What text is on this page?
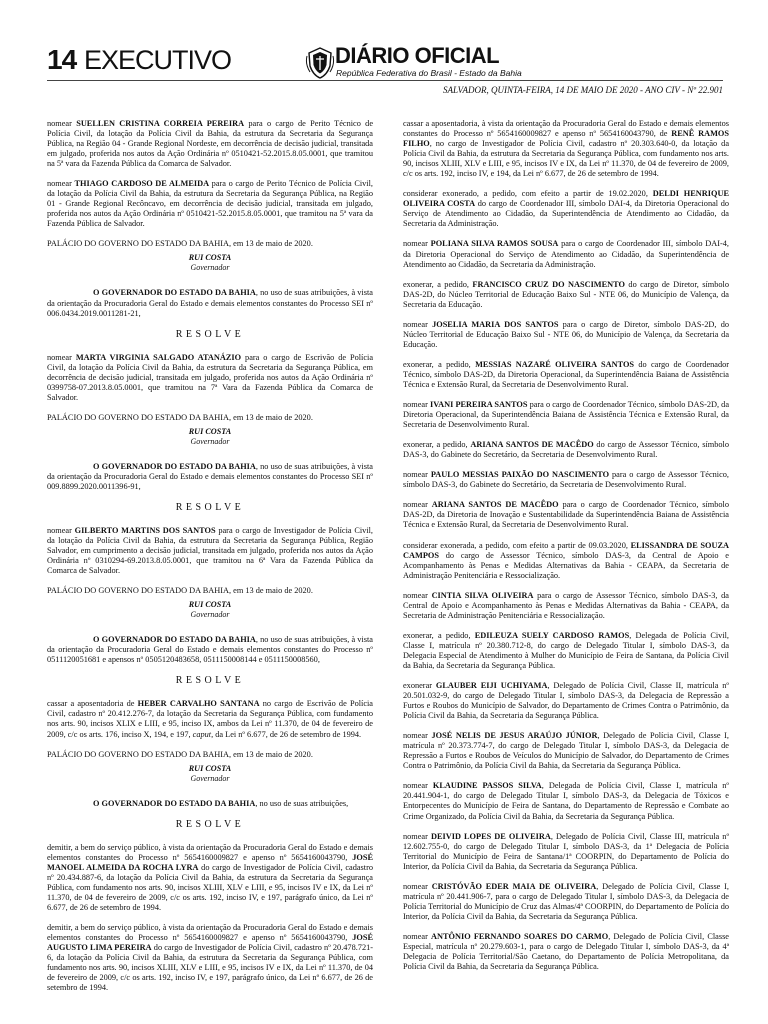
14 EXECUTIVO	DIÁRIO OFICIAL
República Federativa do Brasil - Estado da Bahia
SALVADOR, QUINTA-FEIRA, 14 DE MAIO DE 2020 - ANO CIV - Nº 22.901
nomear SUELLEN CRISTINA CORREIA PEREIRA para o cargo de Perito Técnico de Polícia Civil, da lotação da Polícia Civil da Bahia, da estrutura da Secretaria da Segurança Pública, na Região 04 - Grande Regional Nordeste, em decorrência de decisão judicial, transitada em julgado, proferida nos autos da Ação Ordinária nº 0510421-52.2015.8.05.0001, que tramitou na 5ª vara da Fazenda Pública da Comarca de Salvador.
nomear THIAGO CARDOSO DE ALMEIDA para o cargo de Perito Técnico de Polícia Civil, da lotação da Polícia Civil da Bahia, da estrutura da Secretaria da Segurança Pública, na Região 01 - Grande Regional Recôncavo, em decorrência de decisão judicial, transitada em julgado, proferida nos autos da Ação Ordinária nº 0510421-52.2015.8.05.0001, que tramitou na 5ª vara da Fazenda Pública de Salvador.
PALÁCIO DO GOVERNO DO ESTADO DA BAHIA, em 13 de maio de 2020.
RUI COSTA
Governador
O GOVERNADOR DO ESTADO DA BAHIA, no uso de suas atribuições, à vista da orientação da Procuradoria Geral do Estado e demais elementos constantes do Processo SEI nº 006.0434.2019.0011281-21,
RESOLVE
nomear MARTA VIRGINIA SALGADO ATANÁZIO para o cargo de Escrivão de Polícia Civil, da lotação da Polícia Civil da Bahia, da estrutura da Secretaria da Segurança Pública, em decorrência de decisão judicial, transitada em julgado, proferida nos autos da Ação Ordinária nº 0399758-07.2013.8.05.0001, que tramitou na 7ª Vara da Fazenda Pública da Comarca de Salvador.
PALÁCIO DO GOVERNO DO ESTADO DA BAHIA, em 13 de maio de 2020.
RUI COSTA
Governador
O GOVERNADOR DO ESTADO DA BAHIA, no uso de suas atribuições, à vista da orientação da Procuradoria Geral do Estado e demais elementos constantes do Processo SEI nº 009.8899.2020.0011396-91,
RESOLVE
nomear GILBERTO MARTINS DOS SANTOS para o cargo de Investigador de Polícia Civil, da lotação da Polícia Civil da Bahia, da estrutura da Secretaria da Segurança Pública, Região Salvador, em cumprimento a decisão judicial, transitada em julgado, proferida nos autos da Ação Ordinária nº 0310294-69.2013.8.05.0001, que tramitou na 6ª Vara da Fazenda Pública da Comarca de Salvador.
PALÁCIO DO GOVERNO DO ESTADO DA BAHIA, em 13 de maio de 2020.
RUI COSTA
Governador
O GOVERNADOR DO ESTADO DA BAHIA, no uso de suas atribuições, à vista da orientação da Procuradoria Geral do Estado e demais elementos constantes do Processo nº 0511120051681 e apensos nº 0505120483658, 0511150008144 e 0511150008560,
RESOLVE
cassar a aposentadoria de HEBER CARVALHO SANTANA no cargo de Escrivão de Polícia Civil, cadastro nº 20.412.276-7, da lotação da Secretaria da Segurança Pública, com fundamento nos arts. 90, incisos XLIX e LIII, e 95, inciso IX, ambos da Lei nº 11.370, de 04 de fevereiro de 2009, c/c os arts. 176, inciso X, 194, e 197, caput, da Lei nº 6.677, de 26 de setembro de 1994.
PALÁCIO DO GOVERNO DO ESTADO DA BAHIA, em 13 de maio de 2020.
RUI COSTA
Governador
O GOVERNADOR DO ESTADO DA BAHIA, no uso de suas atribuições,
RESOLVE
demitir, a bem do serviço público, à vista da orientação da Procuradoria Geral do Estado e demais elementos constantes do Processo nº 5654160009827 e apenso nº 5654160043790, JOSÉ MANOEL ALMEIDA DA ROCHA LYRA do cargo de Investigador de Polícia Civil, cadastro nº 20.434.887-6, da lotação da Polícia Civil da Bahia, da estrutura da Secretaria da Segurança Pública, com fundamento nos arts. 90, incisos XLIII, XLV e LIII, e 95, incisos IV e IX, da Lei nº 11.370, de 04 de fevereiro de 2009, c/c os arts. 192, inciso IV, e 197, parágrafo único, da Lei nº 6.677, de 26 de setembro de 1994.
demitir, a bem do serviço público, à vista da orientação da Procuradoria Geral do Estado e demais elementos constantes do Processo nº 5654160009827 e apenso nº 5654160043790, JOSÉ AUGUSTO LIMA PEREIRA do cargo de Investigador de Polícia Civil, cadastro nº 20.478.721-6, da lotação da Polícia Civil da Bahia, da estrutura da Secretaria da Segurança Pública, com fundamento nos arts. 90, incisos XLIII, XLV e LIII, e 95, incisos IV e IX, da Lei nº 11.370, de 04 de fevereiro de 2009, c/c os arts. 192, inciso IV, e 197, parágrafo único, da Lei nº 6.677, de 26 de setembro de 1994.
cassar a aposentadoria, à vista da orientação da Procuradoria Geral do Estado e demais elementos constantes do Processo nº 5654160009827 e apenso nº 5654160043790, de RENÊ RAMOS FILHO, no cargo de Investigador de Polícia Civil, cadastro nº 20.303.640-0, da lotação da Polícia Civil da Bahia, da estrutura da Secretaria da Segurança Pública, com fundamento nos arts. 90, incisos XLIII, XLV e LIII, e 95, incisos IV e IX, da Lei nº 11.370, de 04 de fevereiro de 2009, c/c os arts. 192, inciso IV, e 194, da Lei nº 6.677, de 26 de setembro de 1994.
considerar exonerado, a pedido, com efeito a partir de 19.02.2020, DELDI HENRIQUE OLIVEIRA COSTA do cargo de Coordenador III, símbolo DAI-4, da Diretoria Operacional do Serviço de Atendimento ao Cidadão, da Superintendência de Atendimento ao Cidadão, da Secretaria da Administração.
nomear POLIANA SILVA RAMOS SOUSA para o cargo de Coordenador III, símbolo DAI-4, da Diretoria Operacional do Serviço de Atendimento ao Cidadão, da Superintendência de Atendimento ao Cidadão, da Secretaria da Administração.
exonerar, a pedido, FRANCISCO CRUZ DO NASCIMENTO do cargo de Diretor, símbolo DAS-2D, do Núcleo Territorial de Educação Baixo Sul - NTE 06, do Município de Valença, da Secretaria da Educação.
nomear JOSELIA MARIA DOS SANTOS para o cargo de Diretor, símbolo DAS-2D, do Núcleo Territorial de Educação Baixo Sul - NTE 06, do Município de Valença, da Secretaria da Educação.
exonerar, a pedido, MESSIAS NAZARÉ OLIVEIRA SANTOS do cargo de Coordenador Técnico, símbolo DAS-2D, da Diretoria Operacional, da Superintendência Baiana de Assistência Técnica e Extensão Rural, da Secretaria de Desenvolvimento Rural.
nomear IVANI PEREIRA SANTOS para o cargo de Coordenador Técnico, símbolo DAS-2D, da Diretoria Operacional, da Superintendência Baiana de Assistência Técnica e Extensão Rural, da Secretaria de Desenvolvimento Rural.
exonerar, a pedido, ARIANA SANTOS DE MACÊDO do cargo de Assessor Técnico, símbolo DAS-3, do Gabinete do Secretário, da Secretaria de Desenvolvimento Rural.
nomear PAULO MESSIAS PAIXÃO DO NASCIMENTO para o cargo de Assessor Técnico, símbolo DAS-3, do Gabinete do Secretário, da Secretaria de Desenvolvimento Rural.
nomear ARIANA SANTOS DE MACÊDO para o cargo de Coordenador Técnico, símbolo DAS-2D, da Diretoria de Inovação e Sustentabilidade da Superintendência Baiana de Assistência Técnica e Extensão Rural, da Secretaria de Desenvolvimento Rural.
considerar exonerada, a pedido, com efeito a partir de 09.03.2020, ELISSANDRA DE SOUZA CAMPOS do cargo de Assessor Técnico, símbolo DAS-3, da Central de Apoio e Acompanhamento às Penas e Medidas Alternativas da Bahia - CEAPA, da Secretaria de Administração Penitenciária e Ressocialização.
nomear CINTIA SILVA OLIVEIRA para o cargo de Assessor Técnico, símbolo DAS-3, da Central de Apoio e Acompanhamento às Penas e Medidas Alternativas da Bahia - CEAPA, da Secretaria de Administração Penitenciária e Ressocialização.
exonerar, a pedido, EDILEUZA SUELY CARDOSO RAMOS, Delegada de Polícia Civil, Classe I, matrícula nº 20.380.712-8, do cargo de Delegado Titular I, símbolo DAS-3, da Delegacia Especial de Atendimento à Mulher do Município de Feira de Santana, da Polícia Civil da Bahia, da Secretaria da Segurança Pública.
exonerar GLAUBER EIJI UCHIYAMA, Delegado de Polícia Civil, Classe II, matrícula nº 20.501.032-9, do cargo de Delegado Titular I, símbolo DAS-3, da Delegacia de Repressão a Furtos e Roubos do Município de Salvador, do Departamento de Crimes Contra o Patrimônio, da Polícia Civil da Bahia, da Secretaria da Segurança Pública.
nomear JOSÉ NELIS DE JESUS ARAÚJO JÚNIOR, Delegado de Polícia Civil, Classe I, matrícula nº 20.373.774-7, do cargo de Delegado Titular I, símbolo DAS-3, da Delegacia de Repressão a Furtos e Roubos de Veículos do Município de Salvador, do Departamento de Crimes Contra o Patrimônio, da Polícia Civil da Bahia, da Secretaria da Segurança Pública.
nomear KLAUDINE PASSOS SILVA, Delegada de Polícia Civil, Classe I, matrícula nº 20.441.904-1, do cargo de Delegado Titular I, símbolo DAS-3, da Delegacia de Tóxicos e Entorpecentes do Município de Feira de Santana, do Departamento de Repressão e Combate ao Crime Organizado, da Polícia Civil da Bahia, da Secretaria da Segurança Pública.
nomear DEIVID LOPES DE OLIVEIRA, Delegado de Polícia Civil, Classe III, matrícula nº 12.602.755-0, do cargo de Delegado Titular I, símbolo DAS-3, da 1ª Delegacia de Polícia Territorial do Município de Feira de Santana/1ª COORPIN, do Departamento de Polícia do Interior, da Polícia Civil da Bahia, da Secretaria da Segurança Pública.
nomear CRISTÓVÃO EDER MAIA DE OLIVEIRA, Delegado de Polícia Civil, Classe I, matrícula nº 20.441.906-7, para o cargo de Delegado Titular I, símbolo DAS-3, da Delegacia de Polícia Territorial do Município de Cruz das Almas/4ª COORPIN, do Departamento de Polícia do Interior, da Polícia Civil da Bahia, da Secretaria da Segurança Pública.
nomear ANTÔNIO FERNANDO SOARES DO CARMO, Delegado de Polícia Civil, Classe Especial, matrícula nº 20.279.603-1, para o cargo de Delegado Titular I, símbolo DAS-3, da 4ª Delegacia de Polícia Territorial/São Caetano, do Departamento de Polícia Metropolitana, da Polícia Civil da Bahia, da Secretaria da Segurança Pública.
